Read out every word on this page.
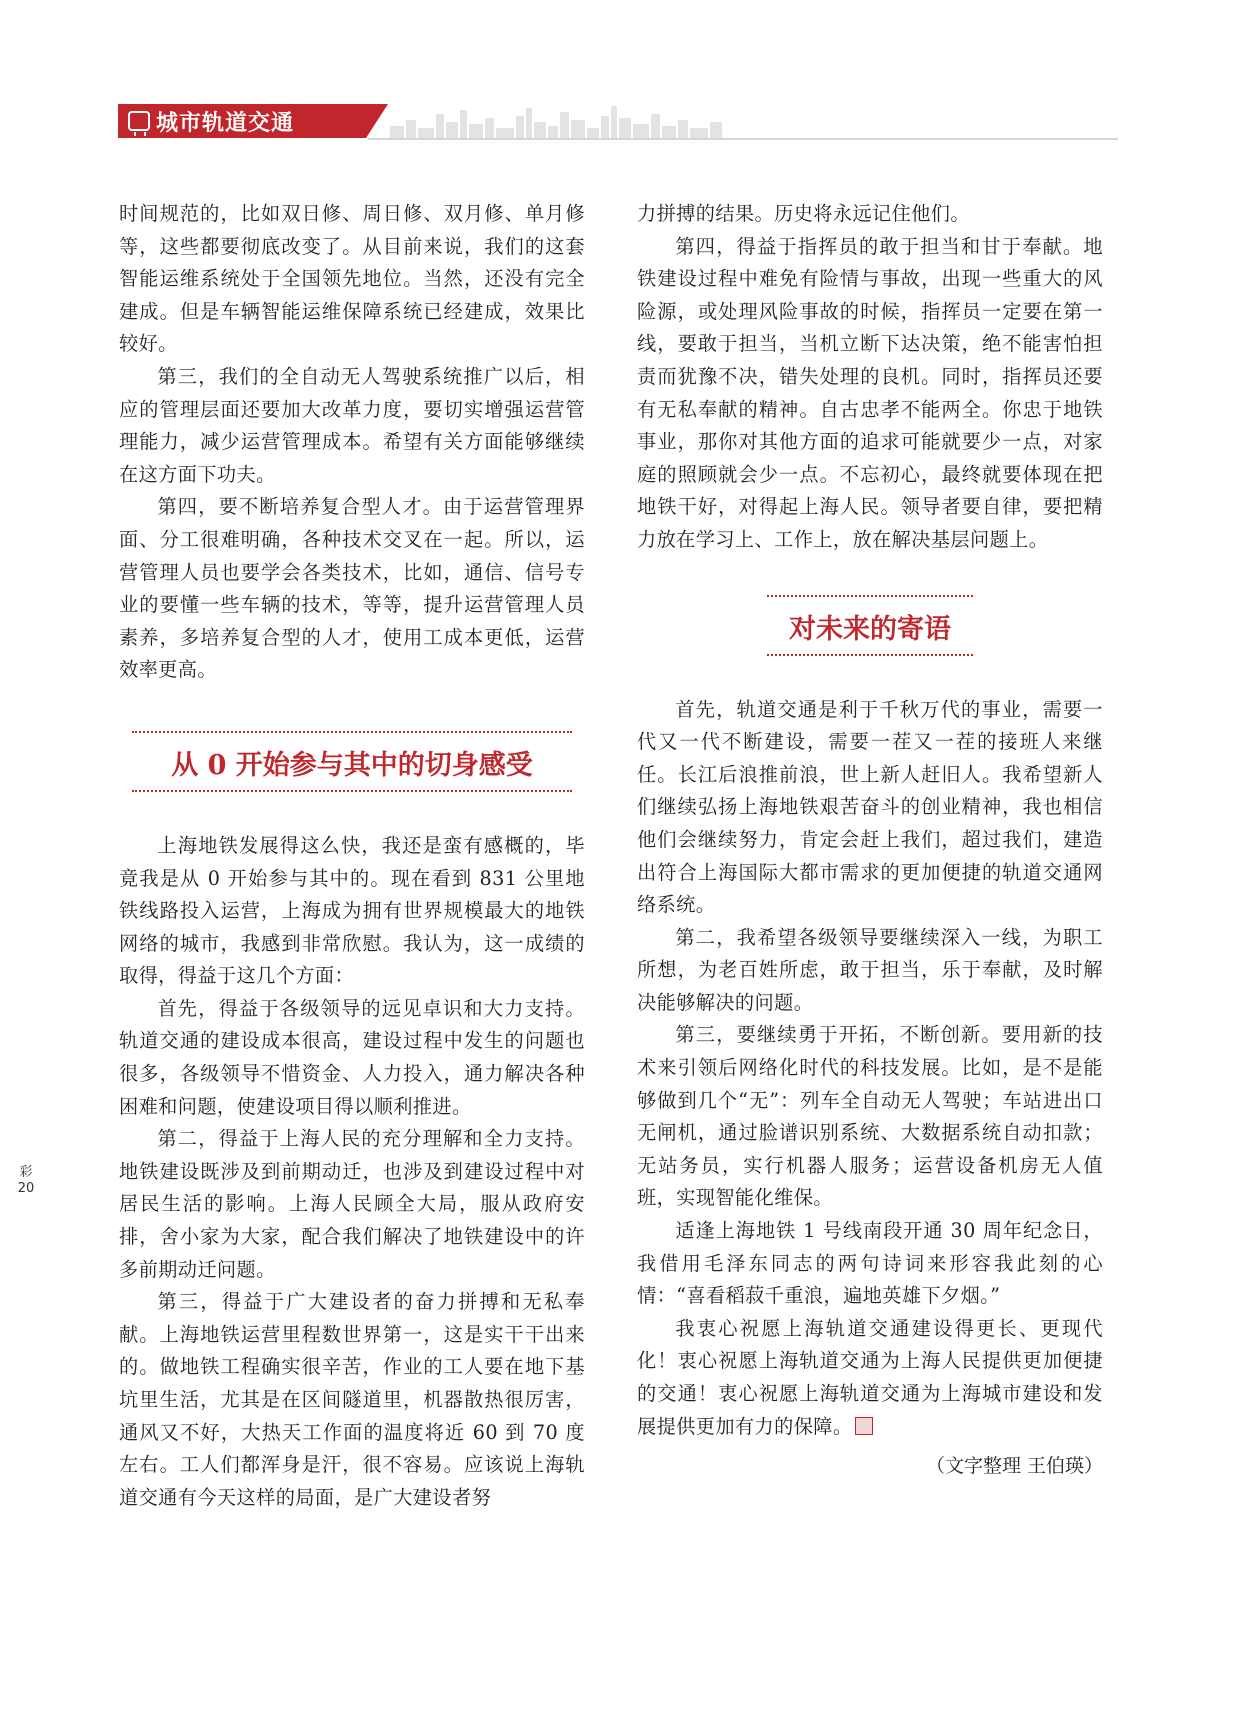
城市轨道交通

时间规范的，比如双日修、周日修、双月修、单月修等，这些都要彻底改变了。从目前来说，我们的这套智能运维系统处于全国领先地位。当然，还没有完全建成。但是车辆智能运维保障系统已经建成，效果比较好。

第三，我们的全自动无人驾驶系统推广以后，相应的管理层面还要加大改革力度，要切实增强运营管理能力，减少运营管理成本。希望有关方面能够继续在这方面下功夫。

第四，要不断培养复合型人才。由于运营管理界面、分工很难明确，各种技术交叉在一起。所以，运营管理人员也要学会各类技术，比如，通信、信号专业的要懂一些车辆的技术，等等，提升运营管理人员素养，多培养复合型的人才，使用工成本更低，运营效率更高。

从 0 开始参与其中的切身感受

上海地铁发展得这么快，我还是蛮有感概的，毕竟我是从 0 开始参与其中的。现在看到 831 公里地铁线路投入运营，上海成为拥有世界规模最大的地铁网络的城市，我感到非常欣慰。我认为，这一成绩的取得，得益于这几个方面：

首先，得益于各级领导的远见卓识和大力支持。轨道交通的建设成本很高，建设过程中发生的问题也很多，各级领导不惜资金、人力投入，通力解决各种困难和问题，使建设项目得以顺利推进。

第二，得益于上海人民的充分理解和全力支持。地铁建设既涉及到前期动迁，也涉及到建设过程中对居民生活的影响。上海人民顾全大局，服从政府安排，舍小家为大家，配合我们解决了地铁建设中的许多前期动迁问题。

第三，得益于广大建设者的奋力拼搏和无私奉献。上海地铁运营里程数世界第一，这是实干干出来的。做地铁工程确实很辛苦，作业的工人要在地下基坑里生活，尤其是在区间隧道里，机器散热很厉害，通风又不好，大热天工作面的温度将近 60 到 70 度左右。工人们都浑身是汗，很不容易。应该说上海轨道交通有今天这样的局面，是广大建设者努

力拼搏的结果。历史将永远记住他们。

第四，得益于指挥员的敢于担当和甘于奉献。地铁建设过程中难免有险情与事故，出现一些重大的风险源，或处理风险事故的时候，指挥员一定要在第一线，要敢于担当，当机立断下达决策，绝不能害怕担责而犹豫不决，错失处理的良机。同时，指挥员还要有无私奉献的精神。自古忠孝不能两全。你忠于地铁事业，那你对其他方面的追求可能就要少一点，对家庭的照顾就会少一点。不忘初心，最终就要体现在把地铁干好，对得起上海人民。领导者要自律，要把精力放在学习上、工作上，放在解决基层问题上。

对未来的寄语

首先，轨道交通是利于千秋万代的事业，需要一代又一代不断建设，需要一茬又一茬的接班人来继任。长江后浪推前浪，世上新人赶旧人。我希望新人们继续弘扬上海地铁艰苦奋斗的创业精神，我也相信他们会继续努力，肯定会赶上我们，超过我们，建造出符合上海国际大都市需求的更加便捷的轨道交通网络系统。

第二，我希望各级领导要继续深入一线，为职工所想，为老百姓所虑，敢于担当，乐于奉献，及时解决能够解决的问题。

第三，要继续勇于开拓，不断创新。要用新的技术来引领后网络化时代的科技发展。比如，是不是能够做到几个“无”：列车全自动无人驾驶；车站进出口无闸机，通过脸谱识别系统、大数据系统自动扣款；无站务员，实行机器人服务；运营设备机房无人值班，实现智能化维保。

适逢上海地铁 1 号线南段开通 30 周年纪念日，我借用毛泽东同志的两句诗词来形容我此刻的心情：“喜看稻菽千重浪，遍地英雄下夕烟。”

我衷心祝愿上海轨道交通建设得更长、更现代化！衷心祝愿上海轨道交通为上海人民提供更加便捷的交通！衷心祝愿上海轨道交通为上海城市建设和发展提供更加有力的保障。

（文字整理 王伯瑛）
彩
20
